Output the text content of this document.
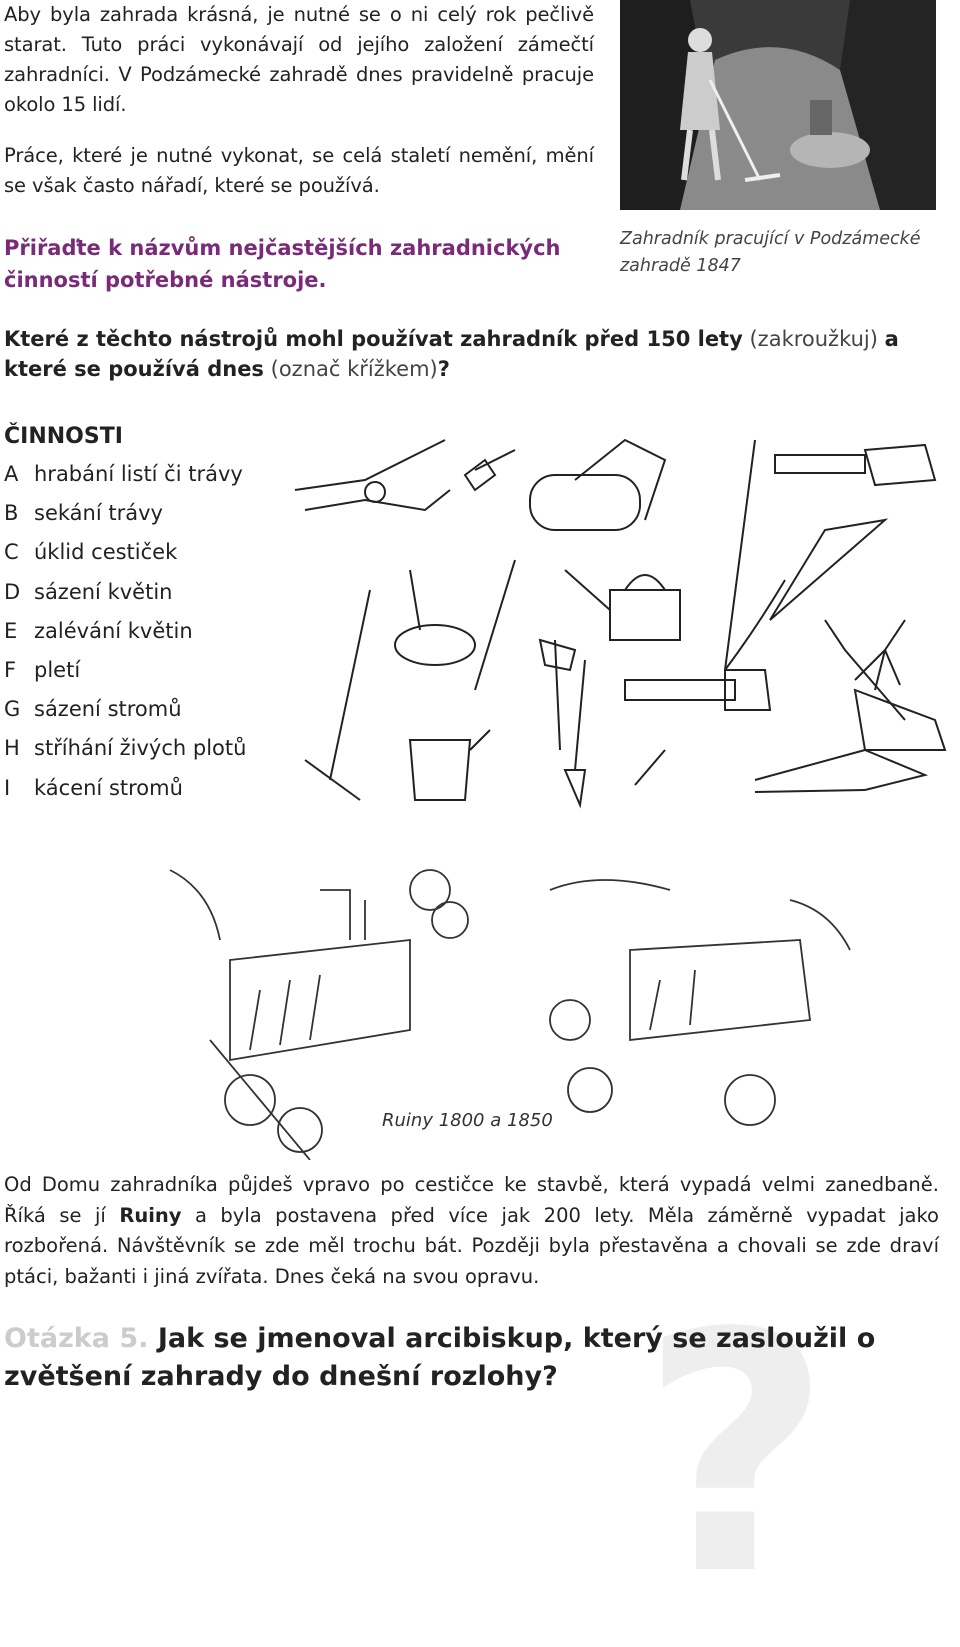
Aby byla zahrada krásná, je nutné se o ni celý rok pečlivě starat. Tuto práci vykonávají od jejího založení zámečtí zahradníci. V Podzámecké zahradě dnes pravidelně pracuje okolo 15 lidí.

Práce, které je nutné vykonat, se celá staletí nemění, mění se však často nářadí, které se používá.

Přiřaďte k názvům nejčastějších zahradnických činností potřebné nástroje.
Zahradník pracující v Podzámecké zahradě 1847
Které z těchto nástrojů mohl používat zahradník před 150 lety (zakroužkuj) a které se používá dnes (označ křížkem)?
ČINNOSTI
A hrabání listí či trávy
B sekání trávy
C úklid cestiček
D sázení květin
E zalévání květin
F pletí
G sázení stromů
H stříhání živých plotů
I	kácení stromů
Ruiny 1800 a 1850
Od Domu zahradníka půjdeš vpravo po cestičce ke stavbě, která vypadá velmi zanedbaně. Říká se jí Ruiny a byla postavena před více jak 200 lety. Měla záměrně vypadat jako rozbořená. Návštěvník se zde měl trochu bát. Později byla přestavěna a chovali se zde draví ptáci, bažanti i jiná zvířata. Dnes čeká na svou opravu. ?
Otázka 5. Jak se jmenoval arcibiskup, který se zasloužil o zvětšení zahrady do dnešní rozlohy?
